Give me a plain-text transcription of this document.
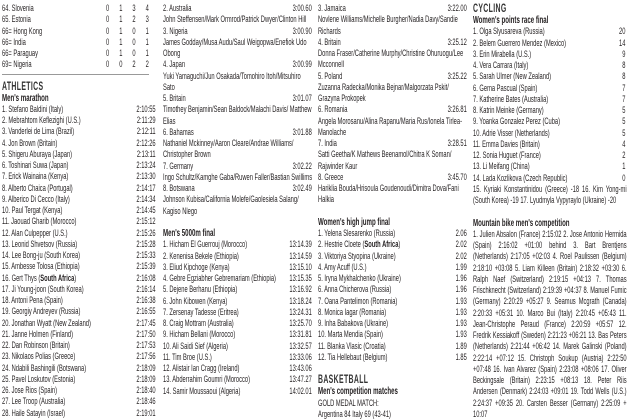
64. Slovenia	0	1	3	4
65. Estonia	0	1	2	3
66= Hong Kong	0	1	0	1
66= India	0	1	0	1
66= Paraguay	0	1	0	1
69= Nigeria	0	0	2	2
ATHLETICS
Men's marathon
1. Stefano Baldini (Italy)	2:10:55
2. Mebrahtom Keflezighi (U.S.)	2:11:29
3. Vanderlei de Lima (Brazil)	2:12:11
4. Jon Brown (Britain)	2:12:26
5. Shigeru Aburaya (Japan)	2:13:11
6. Toshinari Suwa (Japan)	2:13:24
7. Erick Wainaina (Kenya)	2:13:30
8. Alberto Chaica (Portugal)	2:14:17
9. Alberico Di Cecco (Italy)	2:14:34
10. Paul Tergat (Kenya)	2:14:45
11. Jaouad Gharib (Morocco)	2:15:12
12. Alan Culpepper (U.S.)	2:15:26
13. Leonid Shvetsov (Russia)	2:15:28
14. Lee Bong-ju (South Korea)	2:15:33
15. Ambesse Tolosa (Ethiopia)	2:15:39
16. Gert Thys (South Africa)	2:16:08
17. Ji Young-joon (South Korea)	2:16:14
18. Antoni Pena (Spain)	2:16:38
19. Georgiy Andreyev (Russia)	2:16:55
20. Jonathan Wyatt (New Zealand)	2:17:45
21. Janne Holmen (Finland)	2:17:50
22. Dan Robinson (Britain)	2:17:53
23. Nikolaos Polias (Greece)	2:17:56
24. Ndabili Bashingili (Botswana)	2:18:09
25. Pavel Loskutov (Estonia)	2:18:09
26. Jose Rios (Spain)	2:18:40
27. Lee Troop (Australia)	2:18:46
28. Haile Satayin (Israel)	2:19:01
2. Australia	3:00.60
John Steffensen/Mark Ormrod/Patrick Dwyer/Clinton Hill
3. Nigeria	3:00.90
James Godday/Musa Audu/Saul Weigopwa/Enefiok Udo Obong
4. Japan	3:00.99
Yuki Yamaguchi/Jun Osakada/Tomohiro Itoh/Mitsuhiro Sato
5. Britain	3:01.07
Timothey Benjamin/Sean Baldock/Malachi Davis/ Matthew Elias
6. Bahamas	3:01.88
Nathaniel Mckinney/Aaron Cleare/Andrae Williams/ Christopher Brown
7. Germany	3:02.22
Ingo Schultz/Kamghe Gaba/Ruwen Faller/Bastian Swillims
8. Botswana	3:02.49
Johnson Kubisa/California Molefe/Gaolesiela Salang/ Kagiso Nlego
Men's 5000m final
1. Hicham El Guerrouj (Morocco)	13:14.39
2. Kenenisa Bekele (Ethiopia)	13:14.59
3. Eliud Kipchoge (Kenya)	13:15.10
4. Gebre Egziabher Gebremariam (Ethiopia) 13:15.35
5. Dejene Berhanu (Ethiopia)	13:16.92
6. John Kibowen (Kenya)	13:18.24
7. Zersenay Tadesse (Eritrea)	13:24.31
8. Craig Mottram (Australia)	13:25.70
9. Hicham Bellani (Morocco)	13:31.81
10. Ali Saidi Sief (Algeria)	13:32.57
11. Tim Broe (U.S.)	13:33.06
12. Alistair Ian Cragg (Ireland)	13:43.06
13. Abderrahim Goumri (Morocco)	13:47.27
14. Samir Moussaoui (Algeria)	14:02.01
3. Jamaica	3:22.00
Novlene Williams/Michelle Burgher/Nadia Davy/Sandie Richards
4. Britain	3:25.12
Donna Fraser/Catherine Murphy/Christine Ohuruogu/Lee Mcconnell
5. Poland	3:25.22
Zuzanna Radecka/Monika Bejnar/Malgorzata Pskit/ Grazyna Prokopek
6. Romania	3:26.81
Angela Morosanu/Alina Rapanu/Maria Rus/Ionela Tirlea-Manolache
7. India	3:28.51
Satti Geetha/K Mathews Beenamol/Chitra K Soman/ Rajwinder Kaur
8. Greece	3:45.70
Hariklia Bouda/Hrisoula Goudenoudi/Dimitra Dova/Fani Halkia
Women's high jump final
1. Yelena Slesarenko (Russia)	2.06
2. Hestrie Cloete (South Africa)	2.02
3. Viktoriya Styopina (Ukraine)	2.02
4. Amy Acuff (U.S.)	1.99
5. Iryna Mykhalchenko (Ukraine)	1.96
6. Anna Chicherova (Russia)	1.96
7. Oana Pantelimon (Romania)	1.93
8. Monica Iagar (Romania)	1.93
9. Inha Babakova (Ukraine)	1.93
10. Marta Mendia (Spain)	1.93
11. Blanka Vlasic (Croatia)	1.89
12. Tia Hellebaut (Belgium)	1.85
BASKETBALL
Men's competition matches
GOLD MEDAL MATCH:
Argentina 84 Italy 69 (43-41)
CYCLING
Women's points race final
1. Olga Slyusareva (Russia)	20
2. Belem Guerrero Mendez (Mexico)	14
3. Erin Mirabella (U.S.)	9
4. Vera Carrara (Italy)	8
5. Sarah Ulmer (New Zealand)	8
6. Gema Pascual (Spain)	7
7. Katherine Bates (Australia)	7
8. Katrin Meinke (Germany)	5
9. Yoanka Gonzalez Perez (Cuba)	5
10. Adrie Visser (Netherlands)	5
11. Emma Davies (Britain)	4
12. Sonia Huguet (France)	2
13. Li Meifang (China)	1
14. Lada Kozlikova (Czech Republic)	0
15. Kyriaki Konstantinidou (Greece) -18 16. Kim Yong-mi (South Korea) -19 17. Lyudmyla Vypyraylo (Ukraine) -20
Mountain bike men's competition
1. Julien Absalon (France) 2:15:02 2. Jose Antonio Hermida (Spain) 2:16:02 +01:00 behind 3. Bart Brentjens (Netherlands) 2:17:05 +02:03 4. Roel Paulissen (Belgium) 2:18:10 +03:08 5. Liam Killeen (Britain) 2:18:32 +03:30 6. Ralph Naef (Switzerland) 2:19:15 +04:13 7. Thomas Frischknecht (Switzerland) 2:19:39 +04:37 8. Manuel Fumic (Germany) 2:20:29 +05:27 9. Seamus Mcgrath (Canada) 2:20:33 +05:31 10. Marco Bui (Italy) 2:20:45 +05:43 11. Jean-Christophe Peraud (France) 2:20:59 +05:57 12. Fredrik Kessiakoff (Sweden) 2:21:23 +06:21 13. Bas Peters (Netherlands) 2:21:44 +06:42 14. Marek Galinski (Poland) 2:22:14 +07:12 15. Christoph Soukup (Austria) 2:22:50 +07:48 16. Ivan Alvarez (Spain) 2:23:08 +08:06 17. Oliver Beckingsale (Britain) 2:23:15 +08:13 18. Peter Riis Andersen (Denmark) 2:24:03 +09:01 19. Todd Wells (U.S.) 2:24:37 +09:35 20. Carsten Besser (Germany) 2:25:09 + 10:07
